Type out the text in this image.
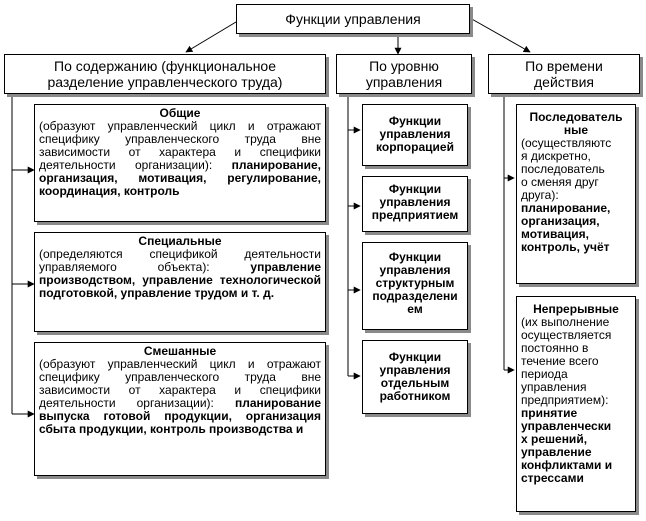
Функции управления
По содержанию (функциональное
разделение управленческого труда)
По уровню
управления
По времени
действия
Общие
(образуют управленческий цикл и отражают специфику управленческого труда вне зависимости от характера и специфики деятельности организации): планирование, организация, мотивация, регулирование, координация, контроль
Специальные
(определяются спецификой деятельности управляемого объекта):	управление производством, управление технологической подготовкой, управление трудом и т. д.
Смешанные
(образуют управленческий цикл и отражают специфику управленческого труда вне зависимости от характера и специфики деятельности организации): планирование выпуска готовой продукции, организация сбыта продукции, контроль производства и
Функции
управления
корпорацией
Функции
управления
предприятием
Функции
управления
структурным
подразделени
ем
Функции
управления
отдельным
работником
Последователь
ные
(осуществляютс
я дискретно,
последователь
о сменяя друг
друга):
планирование,
организация,
мотивация,
контроль, учёт
Непрерывные
(их выполнение
осуществляется
постоянно в
течение всего
периода
управления
предприятием):
принятие
управленчески
х решений,
управление
конфликтами и
стрессами
